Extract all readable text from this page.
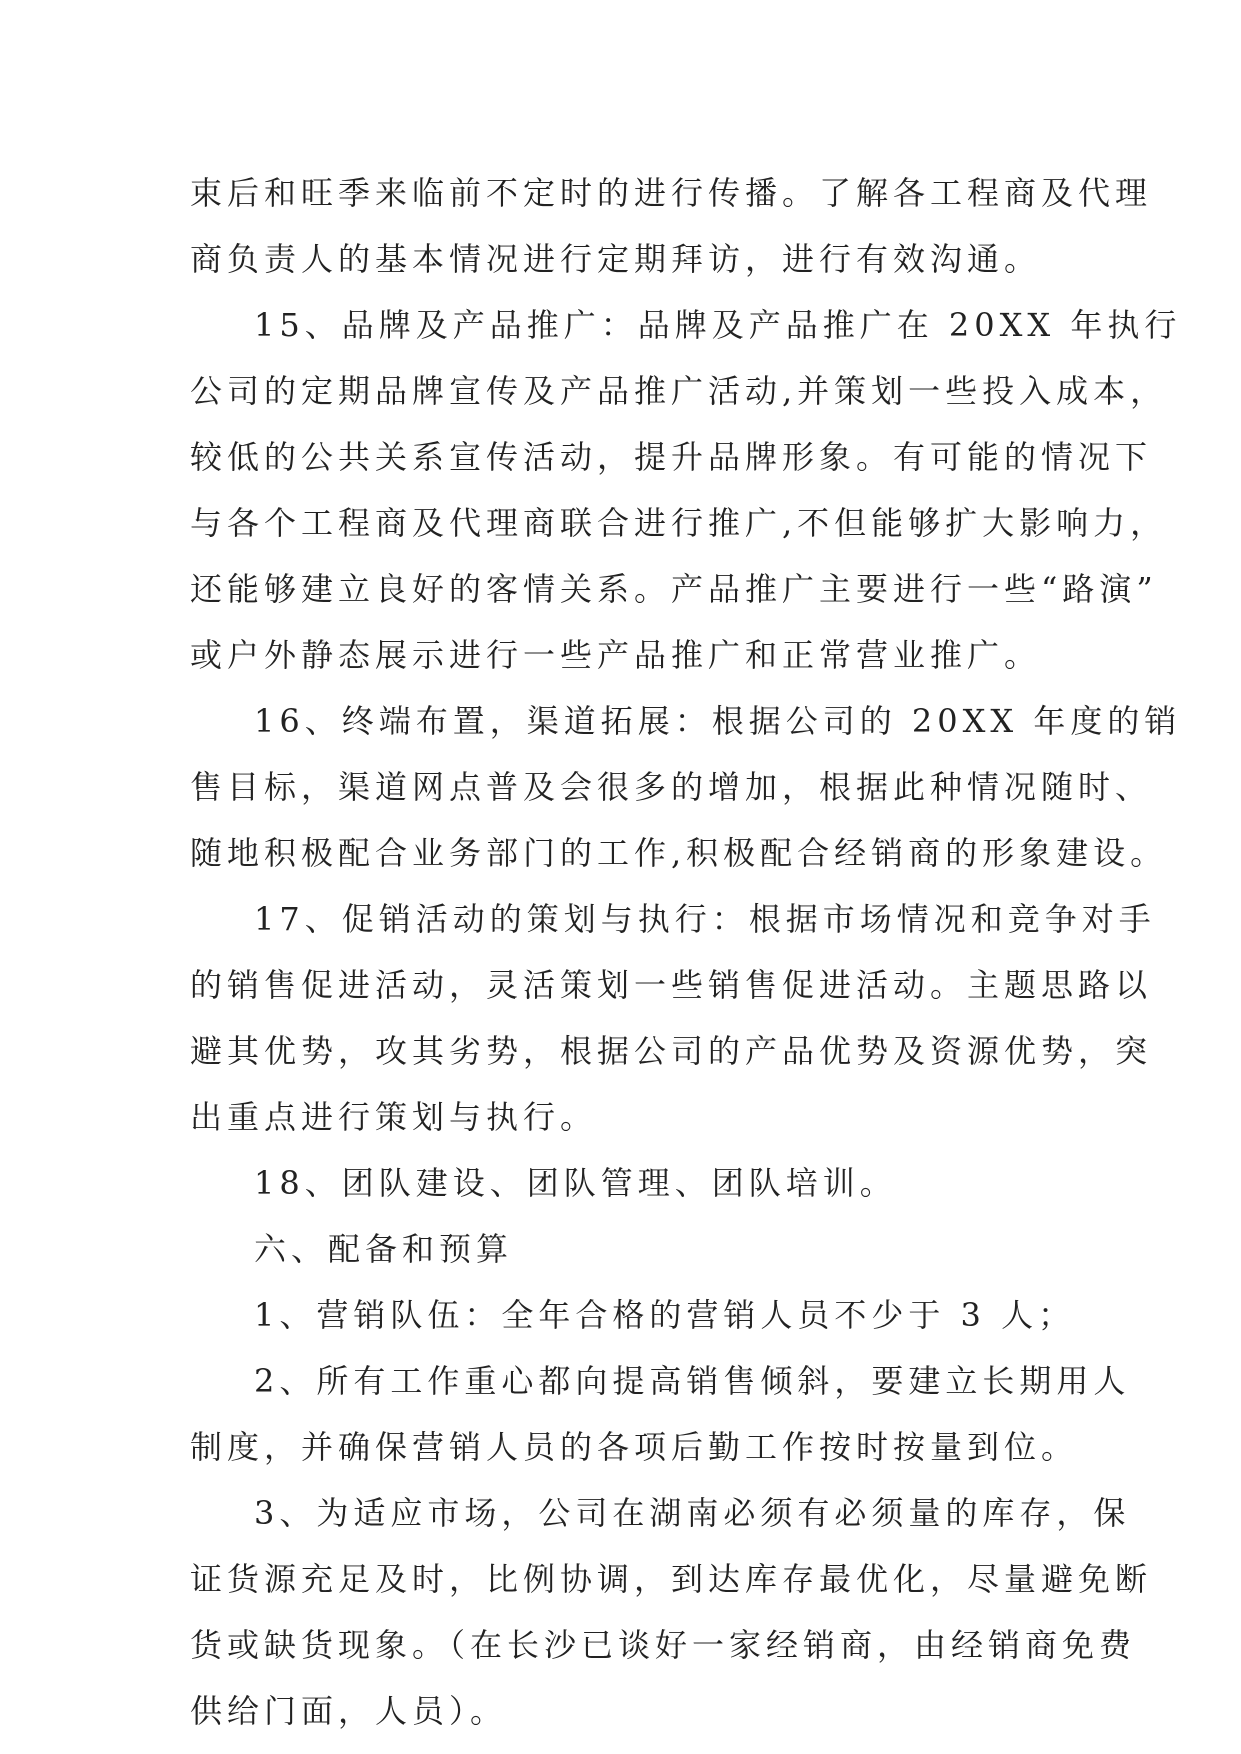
束后和旺季来临前不定时的进行传播。了解各工程商及代理
商负责人的基本情况进行定期拜访，进行有效沟通。
15、品牌及产品推广：品牌及产品推广在 20XX 年执行
公司的定期品牌宣传及产品推广活动,并策划一些投入成本，
较低的公共关系宣传活动，提升品牌形象。有可能的情况下
与各个工程商及代理商联合进行推广,不但能够扩大影响力，
还能够建立良好的客情关系。产品推广主要进行一些“路演”
或户外静态展示进行一些产品推广和正常营业推广。
16、终端布置，渠道拓展：根据公司的 20XX 年度的销
售目标，渠道网点普及会很多的增加，根据此种情况随时、
随地积极配合业务部门的工作,积极配合经销商的形象建设。
17、促销活动的策划与执行：根据市场情况和竞争对手
的销售促进活动，灵活策划一些销售促进活动。主题思路以
避其优势，攻其劣势，根据公司的产品优势及资源优势，突
出重点进行策划与执行。
18、团队建设、团队管理、团队培训。
六、配备和预算
1、营销队伍：全年合格的营销人员不少于 3 人；
2、所有工作重心都向提高销售倾斜，要建立长期用人
制度，并确保营销人员的各项后勤工作按时按量到位。
3、为适应市场，公司在湖南必须有必须量的库存，保
证货源充足及时，比例协调，到达库存最优化，尽量避免断
货或缺货现象。（在长沙已谈好一家经销商，由经销商免费
供给门面，人员）。
